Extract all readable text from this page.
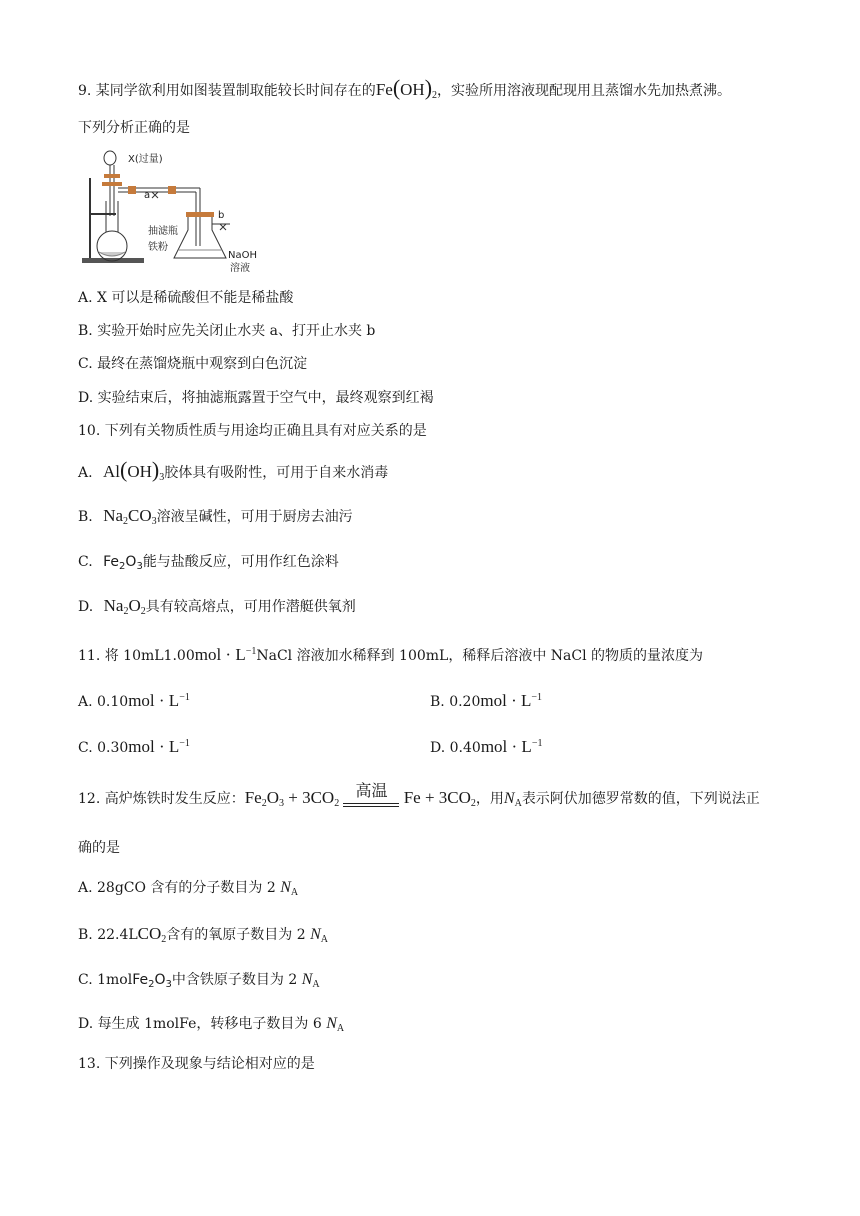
9. 某同学欲利用如图装置制取能较长时间存在的$Fe(OH)_2$，实验所用溶液现配现用且蒸馏水先加热煮沸。
下列分析正确的是
X(过量)
a
b
抽滤瓶
铁粉
NaOH
溶液
A. X 可以是稀硫酸但不能是稀盐酸
B. 实验开始时应先关闭止水夹 a、打开止水夹 b
C. 最终在蒸馏烧瓶中观察到白色沉淀
D. 实验结束后，将抽滤瓶露置于空气中，最终观察到红褐
10. 下列有关物质性质与用途均正确且具有对应关系的是
A. $Al(OH)_3$胶体具有吸附性，可用于自来水消毒
B. $Na_2CO_3$溶液呈碱性，可用于厨房去油污
C. $Fe_2O_3$能与盐酸反应，可用作红色涂料
D. $Na_2O_2$具有较高熔点，可用作潜艇供氧剂
11. 将 $10mL1.00mol \cdot L^{-1}NaCl$ 溶液加水稀释到 100mL，稀释后溶液中 NaCl 的物质的量浓度为
A. $0.10mol \cdot L^{-1}$	B. $0.20mol \cdot L^{-1}$
C. $0.30mol \cdot L^{-1}$	D. $0.40mol \cdot L^{-1}$
12. 高炉炼铁时发生反应：$Fe_2O_3 + 3CO_2$
高温 $Fe + 3CO_2$，用$N_A$表示阿伏加德罗常数的值，下列说法正
确的是
A. 28gCO 含有的分子数目为 2 $N_A$
B. $22.4LCO_2$含有的氧原子数目为 2 $N_A$
C. $1molFe_2O_3$中含铁原子数目为 2 $N_A$
D. 每生成 1molFe，转移电子数目为 6 $N_A$
13. 下列操作及现象与结论相对应的是
